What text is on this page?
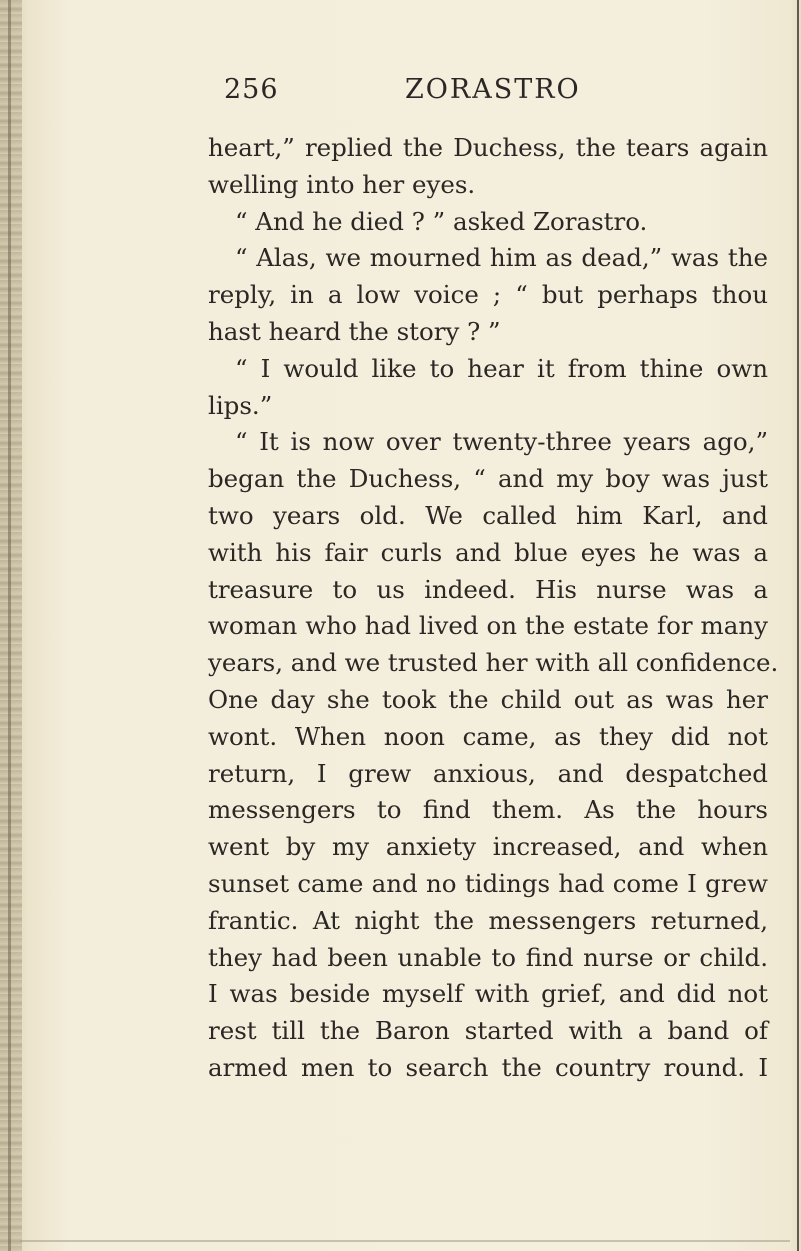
256	ZORASTRO
heart,” replied the Duchess, the tears again
welling into her eyes.
“ And he died ? ” asked Zorastro.
“ Alas, we mourned him as dead,” was the
reply, in a low voice ; “ but perhaps thou
hast heard the story ? ”
“ I would like to hear it from thine own
lips.”
“ It is now over twenty-three years ago,”
began the Duchess, “ and my boy was just
two years old. We called him Karl, and
with his fair curls and blue eyes he was a
treasure to us indeed. His nurse was a
woman who had lived on the estate for many
years, and we trusted her with all confidence.
One day she took the child out as was her
wont. When noon came, as they did not
return, I grew anxious, and despatched
messengers to find them. As the hours
went by my anxiety increased, and when
sunset came and no tidings had come I grew
frantic. At night the messengers returned,
they had been unable to find nurse or child.
I was beside myself with grief, and did not
rest till the Baron started with a band of
armed men to search the country round. I
